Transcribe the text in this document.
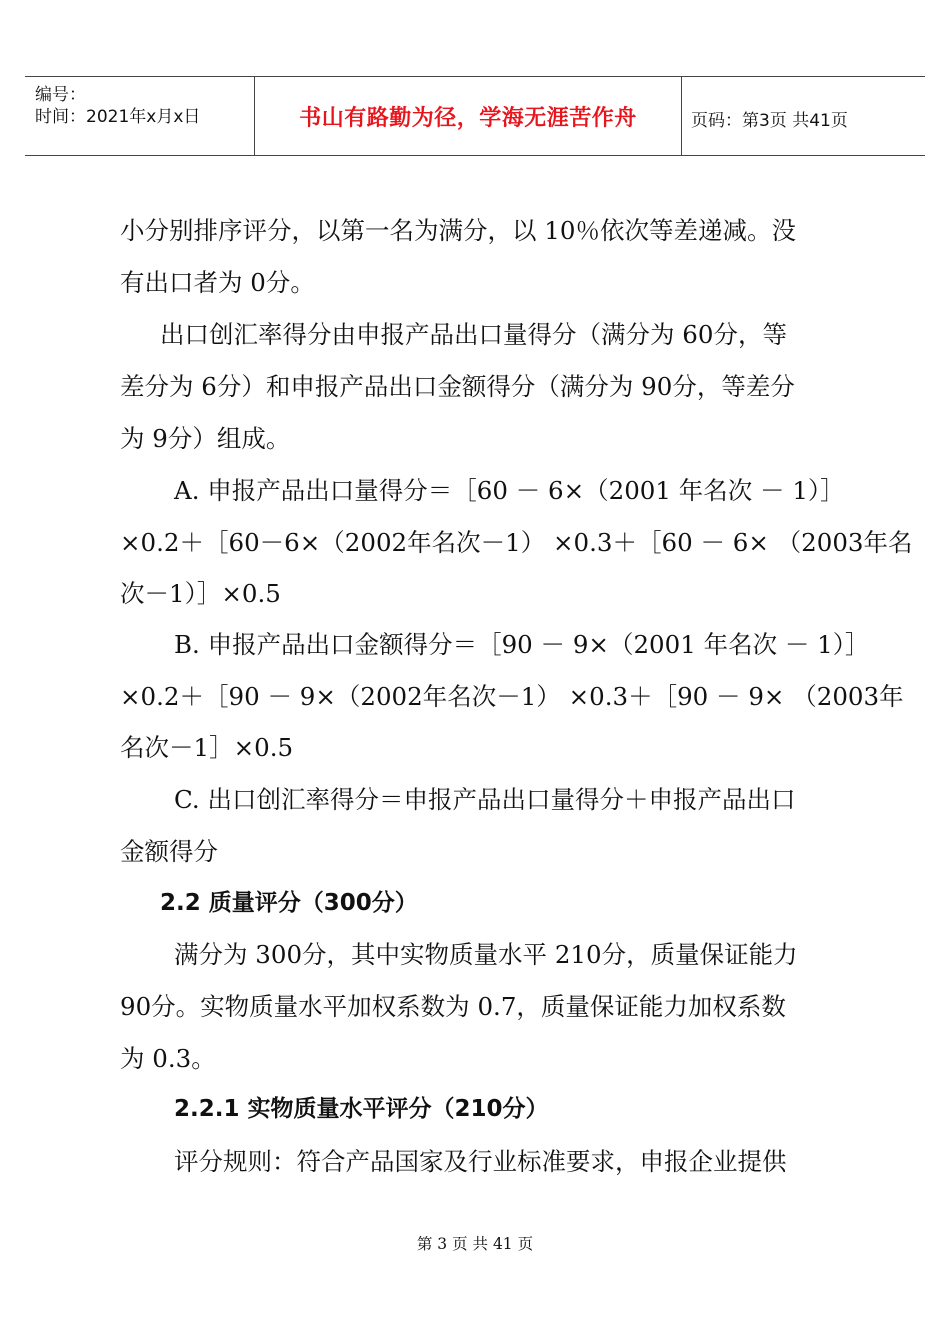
编号：
时间：2021年x月x日	书山有路勤为径，学海无涯苦作舟	页码：第3页 共41页
小分别排序评分，以第一名为满分，以 10％依次等差递减。没
有出口者为 0分。
出口创汇率得分由申报产品出口量得分（满分为 60分，等
差分为 6分）和申报产品出口金额得分（满分为 90分，等差分
为 9分）组成。
A. 申报产品出口量得分＝［60 － 6×（2001 年名次 － 1）］
×0.2＋［60－6×（2002年名次－1） ×0.3＋［60 － 6× （2003年名
次－1）］×0.5
B. 申报产品出口金额得分＝［90 － 9×（2001 年名次 － 1）］
×0.2＋［90 － 9×（2002年名次－1） ×0.3＋［90 － 9× （2003年
名次－1］×0.5
C. 出口创汇率得分＝申报产品出口量得分＋申报产品出口
金额得分
2.2 质量评分（300分）
满分为 300分，其中实物质量水平 210分，质量保证能力
90分。实物质量水平加权系数为 0.7，质量保证能力加权系数
为 0.3。
2.2.1 实物质量水平评分（210分）
评分规则：符合产品国家及行业标准要求，申报企业提供
第 3 页 共 41 页
